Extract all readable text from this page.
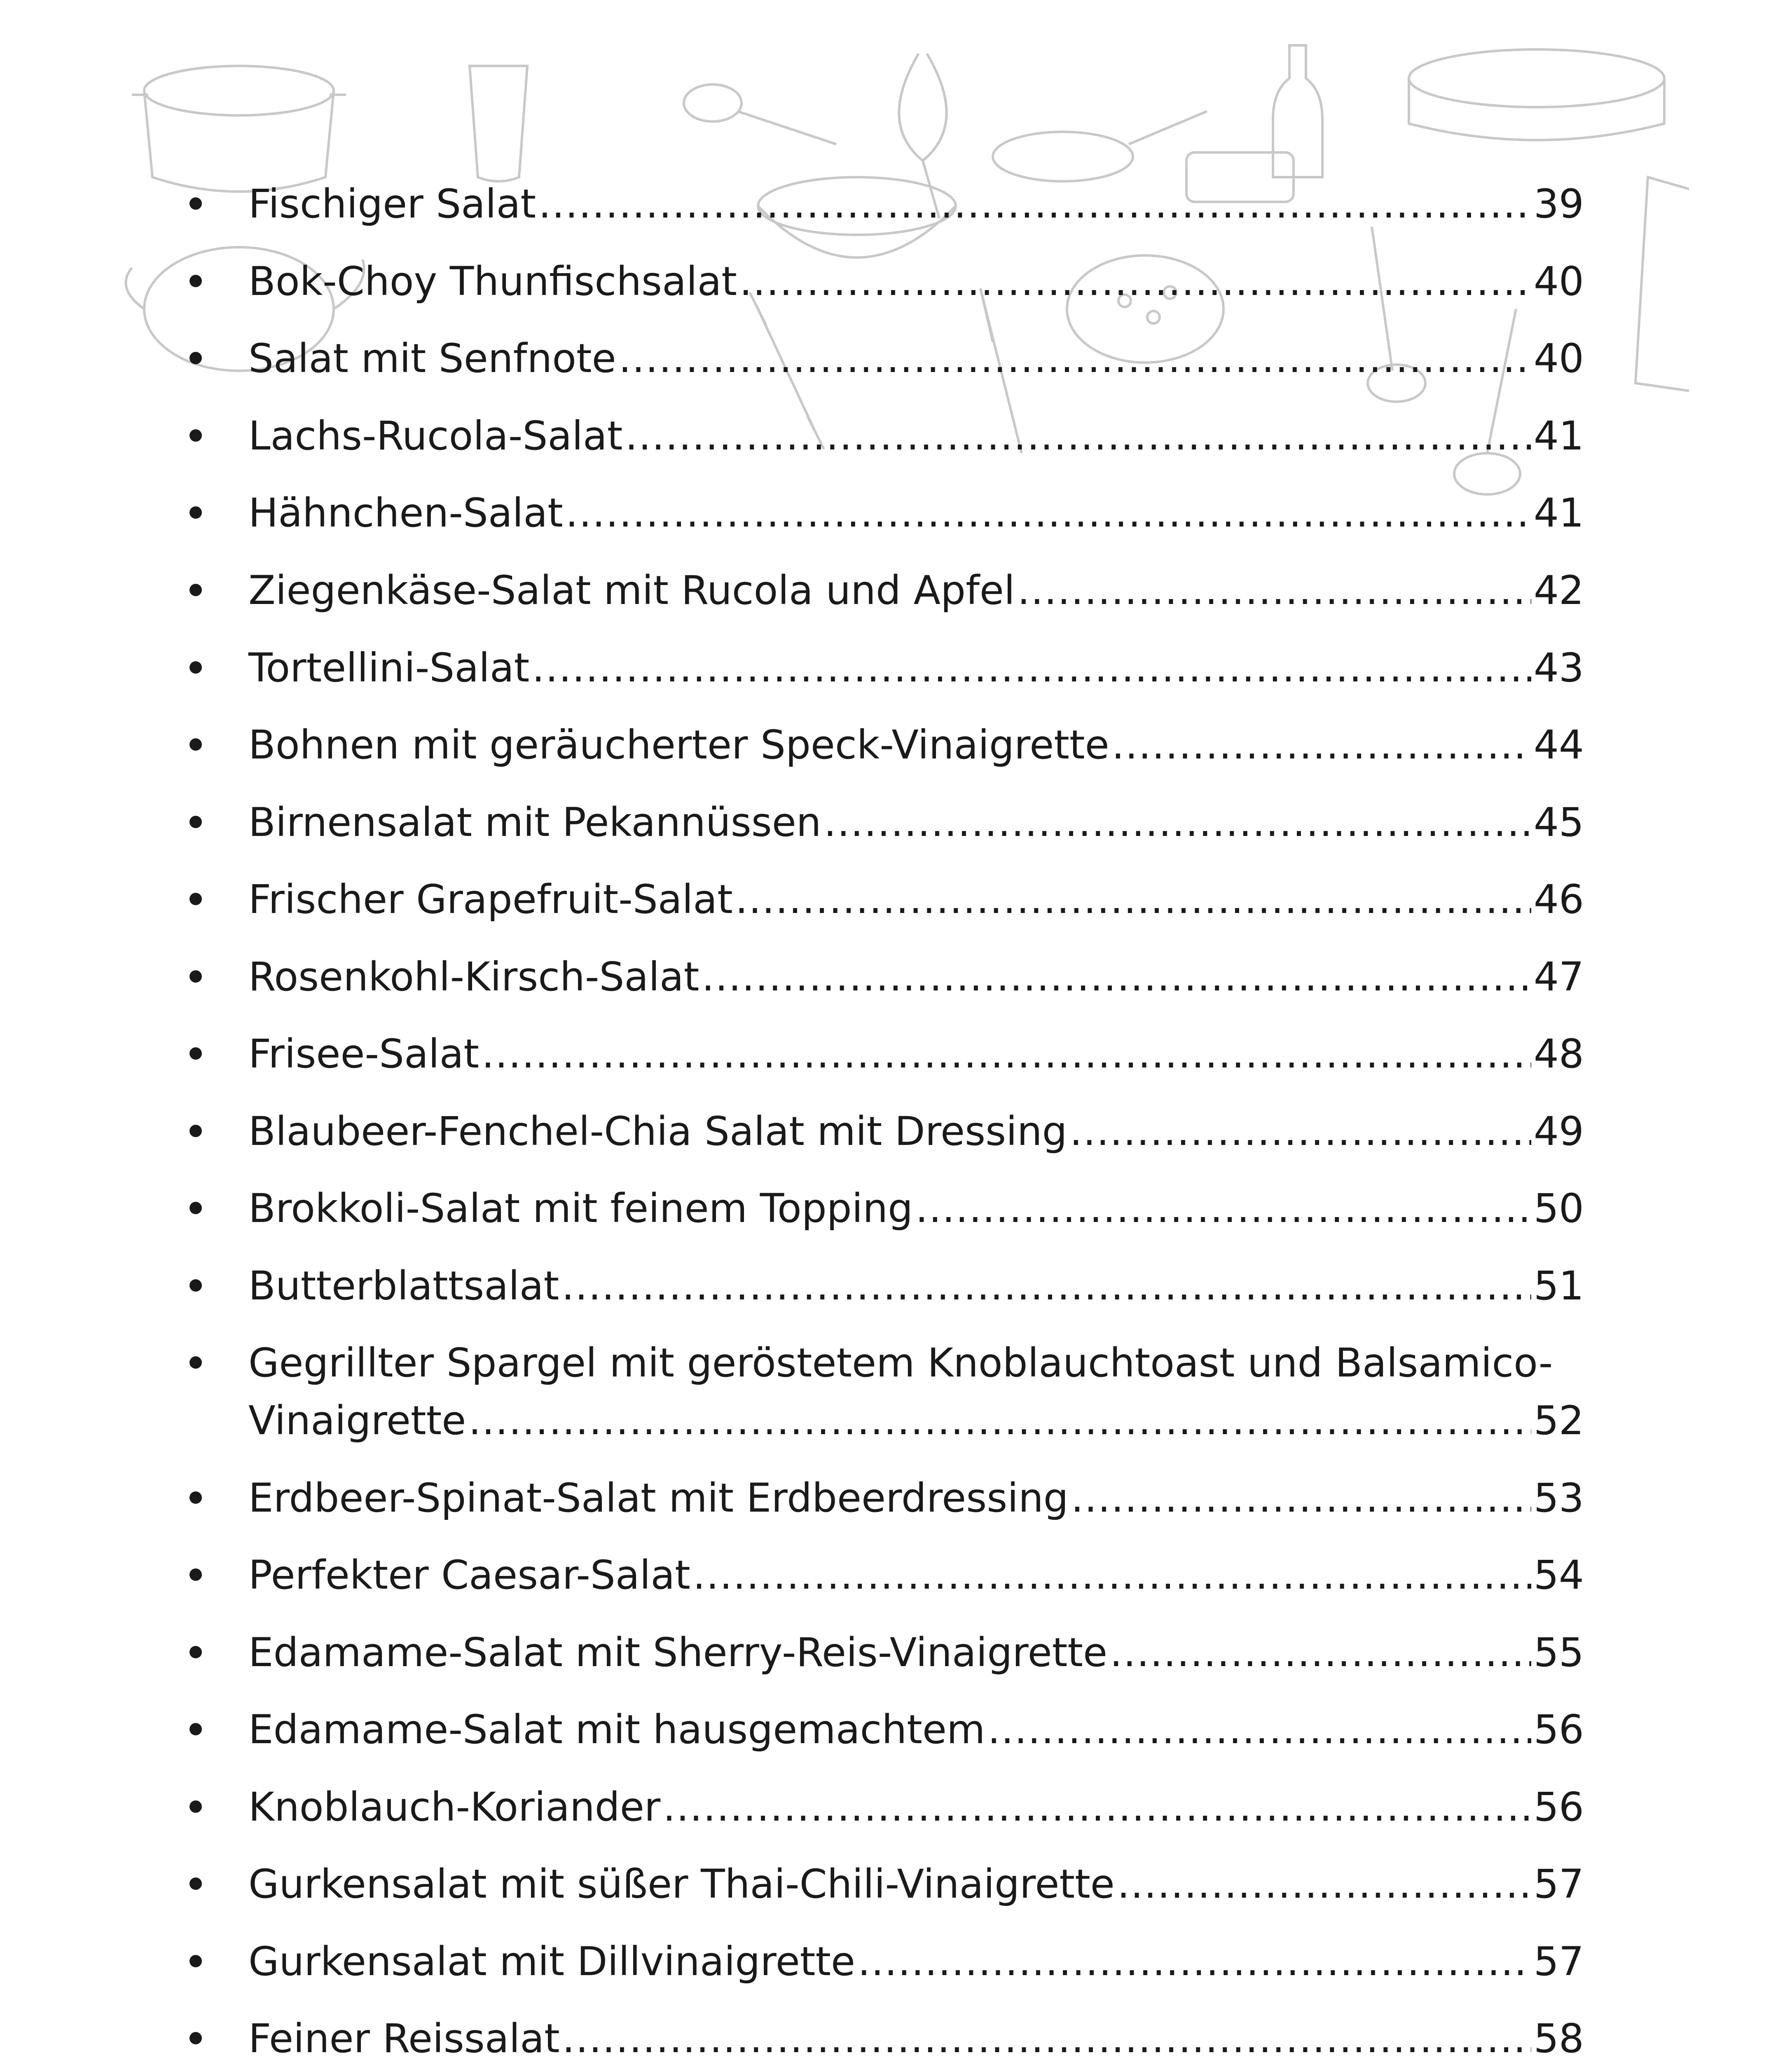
Fischiger Salat .....	39
Bok-Choy Thunfischsalat .....	40
Salat mit Senfnote .....	40
Lachs-Rucola-Salat .....	41
Hähnchen-Salat .....	41
Ziegenkäse-Salat mit Rucola und Apfel .....	42
Tortellini-Salat .....	43
Bohnen mit geräucherter Speck-Vinaigrette .....	44
Birnensalat mit Pekannüssen .....	45
Frischer Grapefruit-Salat .....	46
Rosenkohl-Kirsch-Salat .....	47
Frisee-Salat .....	48
Blaubeer-Fenchel-Chia Salat mit Dressing .....	49
Brokkoli-Salat mit feinem Topping .....	50
Butterblattsalat .....	51
Gegrillter Spargel mit geröstetem Knoblauchtoast und Balsamico-
Vinaigrette .....	52
Erdbeer-Spinat-Salat mit Erdbeerdressing .....	53
Perfekter Caesar-Salat .....	54
Edamame-Salat mit Sherry-Reis-Vinaigrette .....	55
Edamame-Salat mit hausgemachtem .....	56
Knoblauch-Koriander .....	56
Gurkensalat mit süßer Thai-Chili-Vinaigrette .....	57
Gurkensalat mit Dillvinaigrette .....	57
Feiner Reissalat .....	58
